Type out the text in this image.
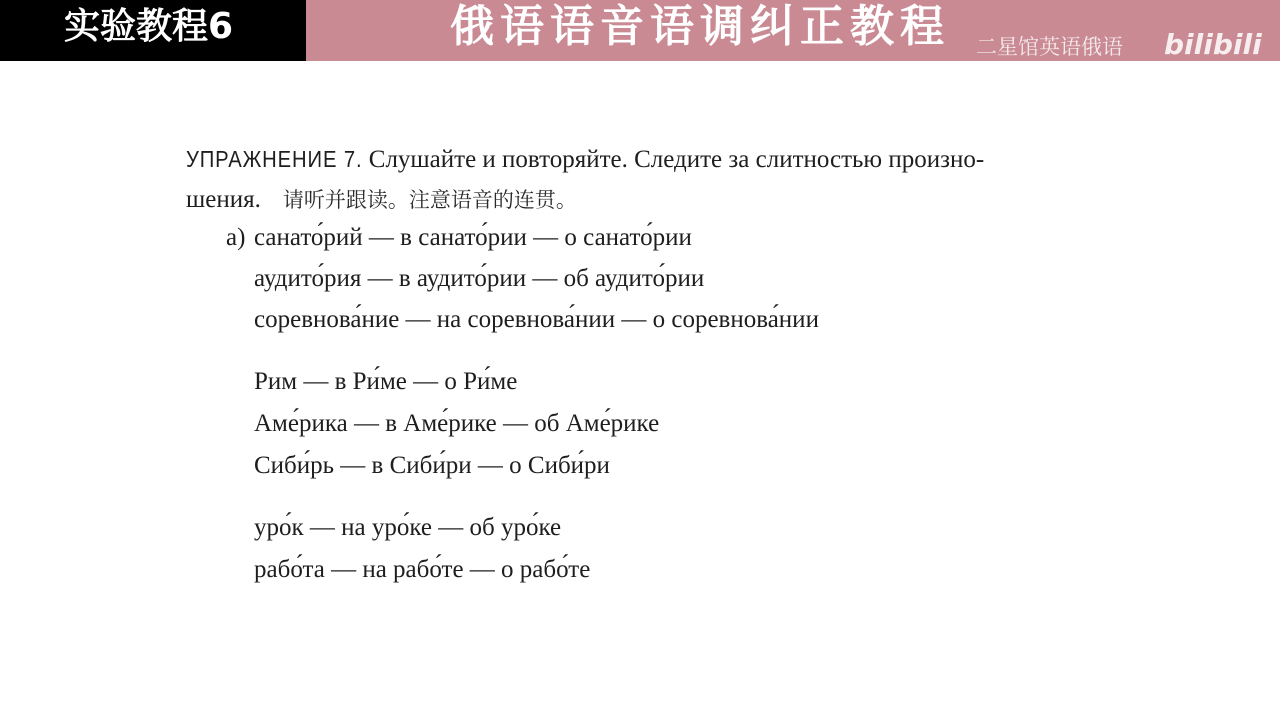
实验教程6	俄语语音语调纠正教程 二星馆英语俄语 bilibili
УПРАЖНЕНИЕ 7. Слушайте и повторяйте. Следите за слитностью произно-
шения. 请听并跟读。注意语音的连贯。
а) санато́рий — в санато́рии — о санато́рии
аудито́рия — в аудито́рии — об аудито́рии
соревнова́ние — на соревнова́нии — о соревнова́нии
Рим — в Ри́ме — о Ри́ме
Аме́рика — в Аме́рике — об Аме́рике
Сиби́рь — в Сиби́ри — о Сиби́ри
уро́к — на уро́ке — об уро́ке
рабо́та — на рабо́те — о рабо́те
